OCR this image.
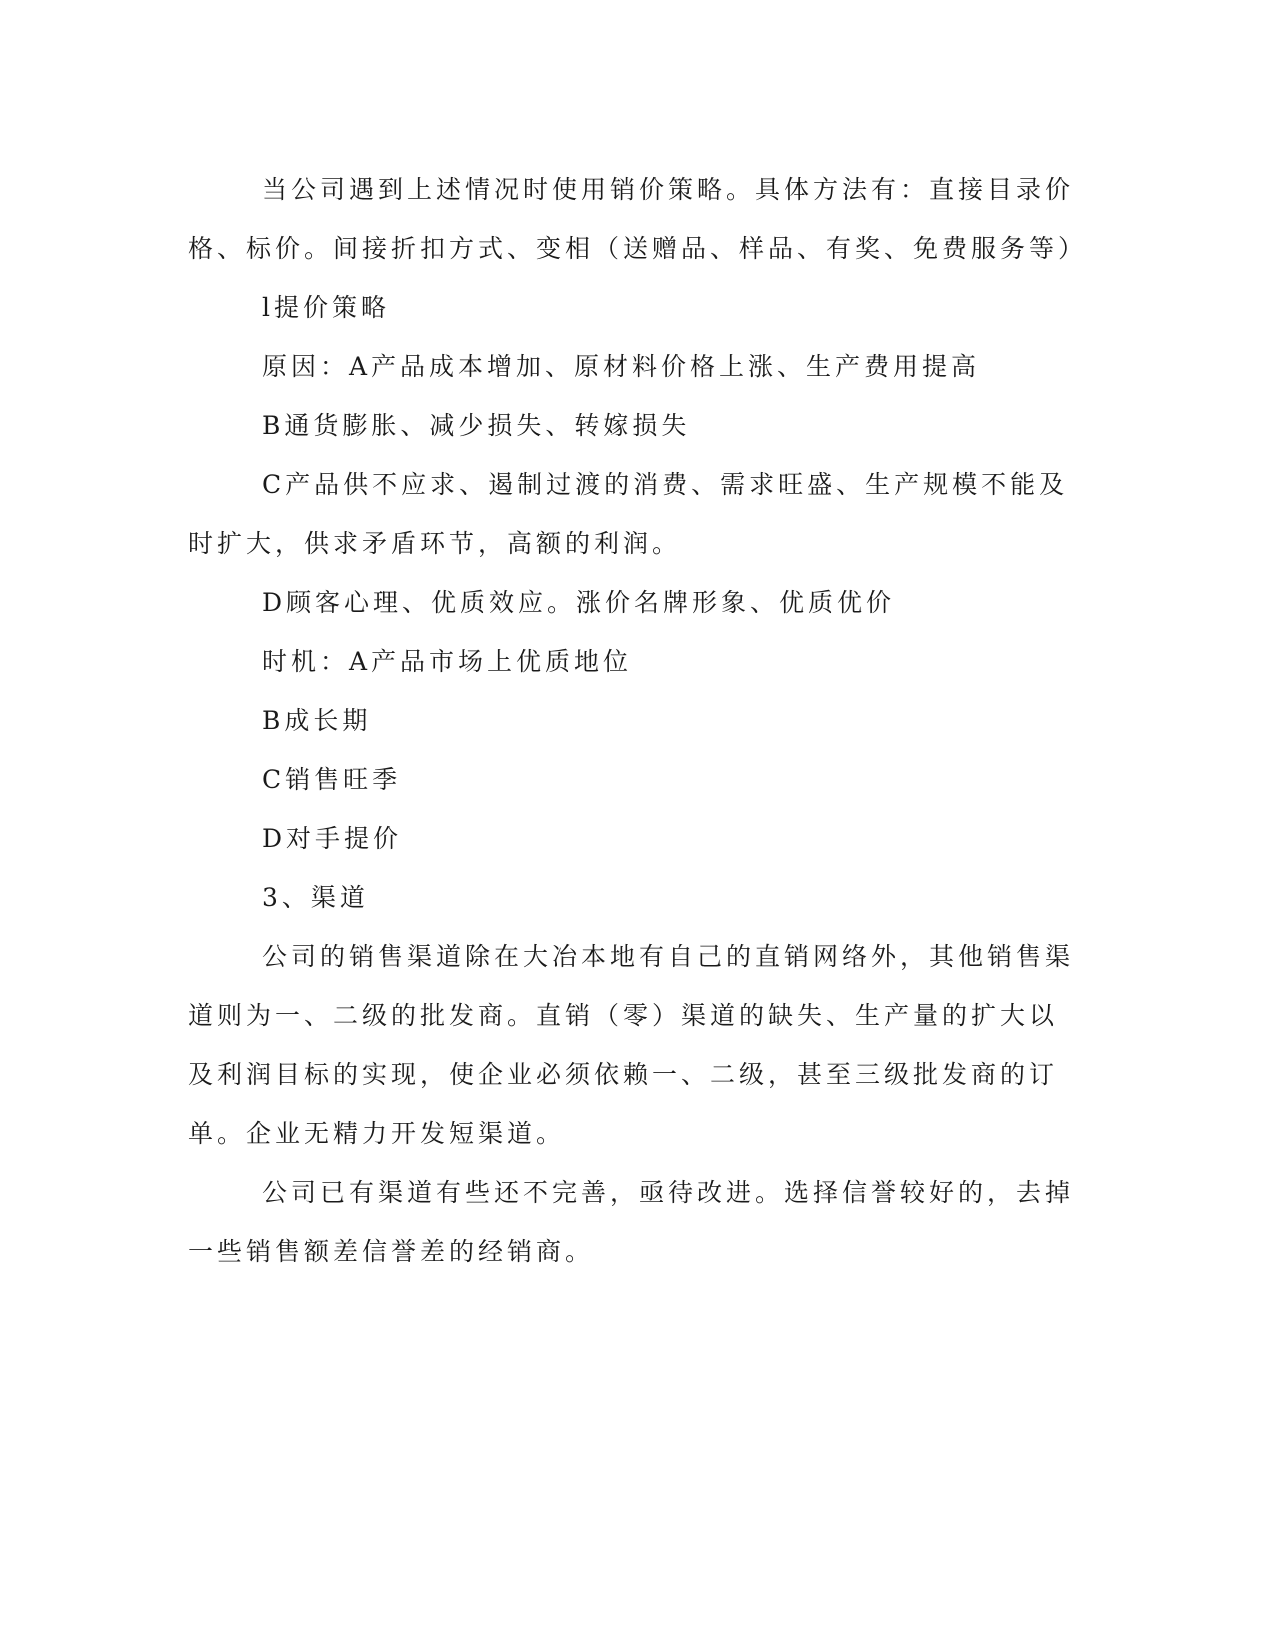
当公司遇到上述情况时使用销价策略。具体方法有：直接目录价格、标价。间接折扣方式、变相（送赠品、样品、有奖、免费服务等）

l提价策略

原因：A产品成本增加、原材料价格上涨、生产费用提高

B通货膨胀、减少损失、转嫁损失

C产品供不应求、遏制过渡的消费、需求旺盛、生产规模不能及时扩大，供求矛盾环节，高额的利润。

D顾客心理、优质效应。涨价名牌形象、优质优价

时机：A产品市场上优质地位

B成长期

C销售旺季

D对手提价

3、渠道

公司的销售渠道除在大冶本地有自己的直销网络外，其他销售渠道则为一、二级的批发商。直销（零）渠道的缺失、生产量的扩大以及利润目标的实现，使企业必须依赖一、二级，甚至三级批发商的订单。企业无精力开发短渠道。

公司已有渠道有些还不完善，亟待改进。选择信誉较好的，去掉一些销售额差信誉差的经销商。
